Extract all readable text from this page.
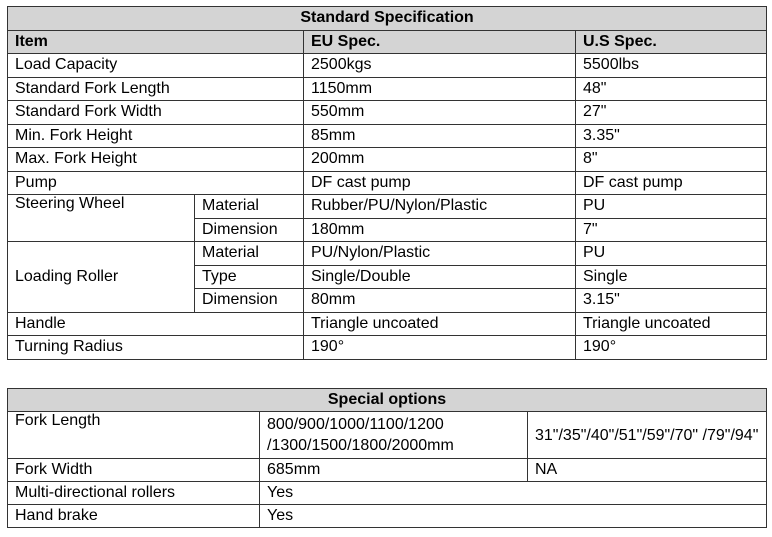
Standard Specification			
Item		EU Spec.	U.S Spec.
Load Capacity		2500kgs	5500lbs
Standard Fork Length		1150mm	48"
Standard Fork Width		550mm	27"
Min. Fork Height		85mm	3.35"
Max. Fork Height		200mm	8"
Pump		DF cast pump	DF cast pump
Steering Wheel	Material	Rubber/PU/Nylon/Plastic	PU
	Dimension	180mm	7"
Loading Roller	Material	PU/Nylon/Plastic	PU
	Type	Single/Double	Single
	Dimension	80mm	3.15"
Handle		Triangle uncoated	Triangle uncoated
Turning Radius		190°	190°
Special options		
Fork Length	800/900/1000/1100/1200 /1300/1500/1800/2000mm	31"/35"/40"/51"/59"/70" /79"/94"
Fork Width	685mm	NA
Multi-directional rollers	Yes	
Hand brake	Yes	
